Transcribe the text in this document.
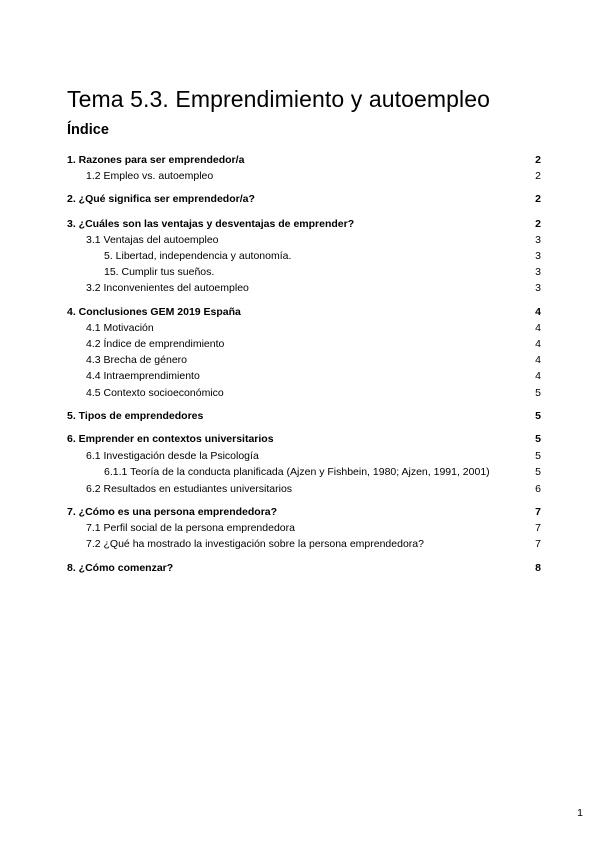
Tema 5.3. Emprendimiento y autoempleo
Índice
1. Razones para ser emprendedor/a	2
1.2 Empleo vs. autoempleo	2
2. ¿Qué significa ser emprendedor/a?	2
3. ¿Cuáles son las ventajas y desventajas de emprender?	2
3.1 Ventajas del autoempleo	3
5. Libertad, independencia y autonomía.	3
15. Cumplir tus sueños.	3
3.2 Inconvenientes del autoempleo	3
4. Conclusiones GEM 2019 España	4
4.1 Motivación	4
4.2 Índice de emprendimiento	4
4.3 Brecha de género	4
4.4 Intraemprendimiento	4
4.5 Contexto socioeconómico	5
5. Tipos de emprendedores	5
6. Emprender en contextos universitarios	5
6.1 Investigación desde la Psicología	5
6.1.1 Teoría de la conducta planificada (Ajzen y Fishbein, 1980; Ajzen, 1991, 2001)	5
6.2 Resultados en estudiantes universitarios	6
7. ¿Cómo es una persona emprendedora?	7
7.1 Perfil social de la persona emprendedora	7
7.2 ¿Qué ha mostrado la investigación sobre la persona emprendedora?	7
8. ¿Cómo comenzar?	8
1
